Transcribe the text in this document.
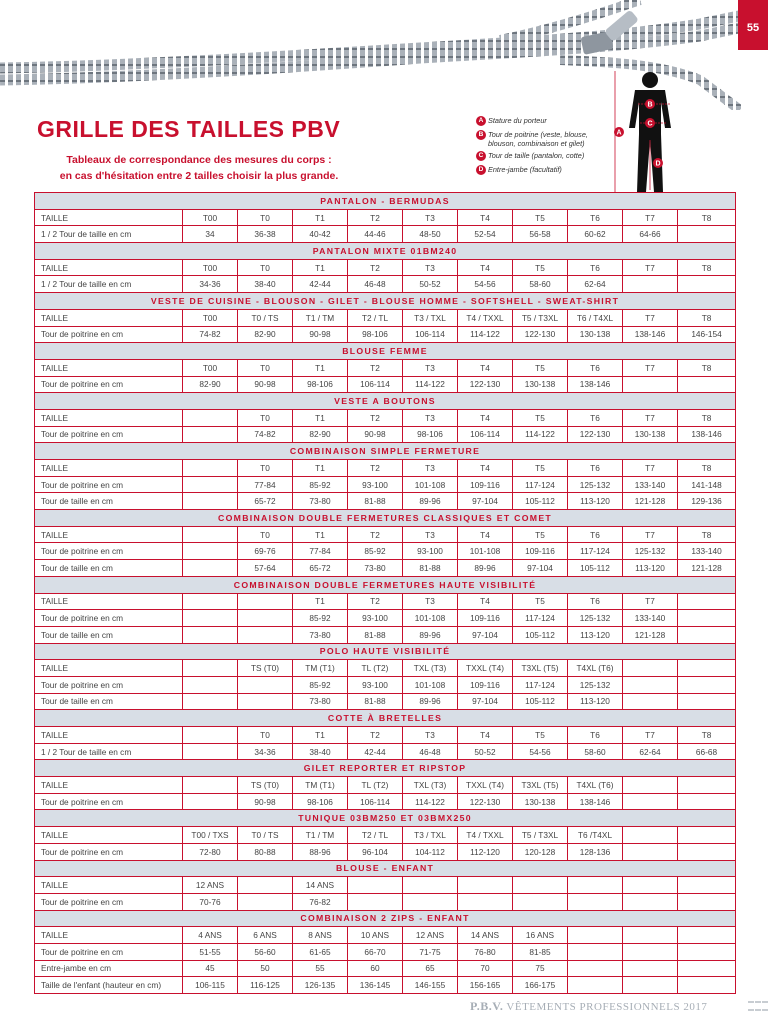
55
GRILLE DES TAILLES PBV
Tableaux de correspondance des mesures du corps :
en cas d'hésitation entre 2 tailles choisir la plus grande.
A Stature du porteur
B Tour de poitrine (veste, blouse, blouson, combinaison et gilet)
C Tour de taille (pantalon, cotte)
D Entre-jambe (facultatif)
A
B
C
D
PANTALON - BERMUDAS										
TAILLE	T00	T0	T1	T2	T3	T4	T5	T6	T7	T8
1 / 2 Tour de taille en cm	34	36-38	40-42	44-46	48-50	52-54	56-58	60-62	64-66	
PANTALON MIXTE 01BM240										
TAILLE	T00	T0	T1	T2	T3	T4	T5	T6	T7	T8
1 / 2 Tour de taille en cm	34-36	38-40	42-44	46-48	50-52	54-56	58-60	62-64		
VESTE DE CUISINE - BLOUSON - GILET - BLOUSE HOMME - SOFTSHELL - SWEAT-SHIRT										
TAILLE	T00	T0 / TS	T1 / TM	T2 / TL	T3 / TXL	T4 / TXXL	T5 / T3XL	T6 / T4XL	T7	T8
Tour de poitrine en cm	74-82	82-90	90-98	98-106	106-114	114-122	122-130	130-138	138-146	146-154
BLOUSE FEMME										
TAILLE	T00	T0	T1	T2	T3	T4	T5	T6	T7	T8
Tour de poitrine en cm	82-90	90-98	98-106	106-114	114-122	122-130	130-138	138-146		
VESTE A BOUTONS										
TAILLE		T0	T1	T2	T3	T4	T5	T6	T7	T8
Tour de poitrine en cm		74-82	82-90	90-98	98-106	106-114	114-122	122-130	130-138	138-146
COMBINAISON SIMPLE FERMETURE										
TAILLE		T0	T1	T2	T3	T4	T5	T6	T7	T8
Tour de poitrine en cm		77-84	85-92	93-100	101-108	109-116	117-124	125-132	133-140	141-148
Tour de taille en cm		65-72	73-80	81-88	89-96	97-104	105-112	113-120	121-128	129-136
COMBINAISON DOUBLE FERMETURES CLASSIQUES ET COMET										
TAILLE		T0	T1	T2	T3	T4	T5	T6	T7	T8
Tour de poitrine en cm		69-76	77-84	85-92	93-100	101-108	109-116	117-124	125-132	133-140
Tour de taille en cm		57-64	65-72	73-80	81-88	89-96	97-104	105-112	113-120	121-128
COMBINAISON DOUBLE FERMETURES HAUTE VISIBILITÉ										
TAILLE			T1	T2	T3	T4	T5	T6	T7	
Tour de poitrine en cm			85-92	93-100	101-108	109-116	117-124	125-132	133-140	
Tour de taille en cm			73-80	81-88	89-96	97-104	105-112	113-120	121-128	
POLO HAUTE VISIBILITÉ										
TAILLE		TS (T0)	TM (T1)	TL (T2)	TXL (T3)	TXXL (T4)	T3XL (T5)	T4XL (T6)		
Tour de poitrine en cm			85-92	93-100	101-108	109-116	117-124	125-132		
Tour de taille en cm			73-80	81-88	89-96	97-104	105-112	113-120		
COTTE À BRETELLES										
TAILLE		T0	T1	T2	T3	T4	T5	T6	T7	T8
1 / 2 Tour de taille en cm		34-36	38-40	42-44	46-48	50-52	54-56	58-60	62-64	66-68
GILET REPORTER ET RIPSTOP										
TAILLE		TS (T0)	TM (T1)	TL (T2)	TXL (T3)	TXXL (T4)	T3XL (T5)	T4XL (T6)		
Tour de poitrine en cm		90-98	98-106	106-114	114-122	122-130	130-138	138-146		
TUNIQUE 03BM250 ET 03BMX250										
TAILLE	T00 / TXS	T0 / TS	T1 / TM	T2 / TL	T3 / TXL	T4 / TXXL	T5 / T3XL	T6 /T4XL		
Tour de poitrine en cm	72-80	80-88	88-96	96-104	104-112	112-120	120-128	128-136		
BLOUSE - ENFANT										
TAILLE	12 ANS		14 ANS							
Tour de poitrine en cm	70-76		76-82							
COMBINAISON 2 ZIPS - ENFANT										
TAILLE	4 ANS	6 ANS	8 ANS	10 ANS	12 ANS	14 ANS	16 ANS			
Tour de poitrine en cm	51-55	56-60	61-65	66-70	71-75	76-80	81-85			
Entre-jambe en cm	45	50	55	60	65	70	75			
Taille de l'enfant (hauteur en cm)	106-115	116-125	126-135	136-145	146-155	156-165	166-175			
P.B.V. VÊTEMENTS PROFESSIONNELS 2017
